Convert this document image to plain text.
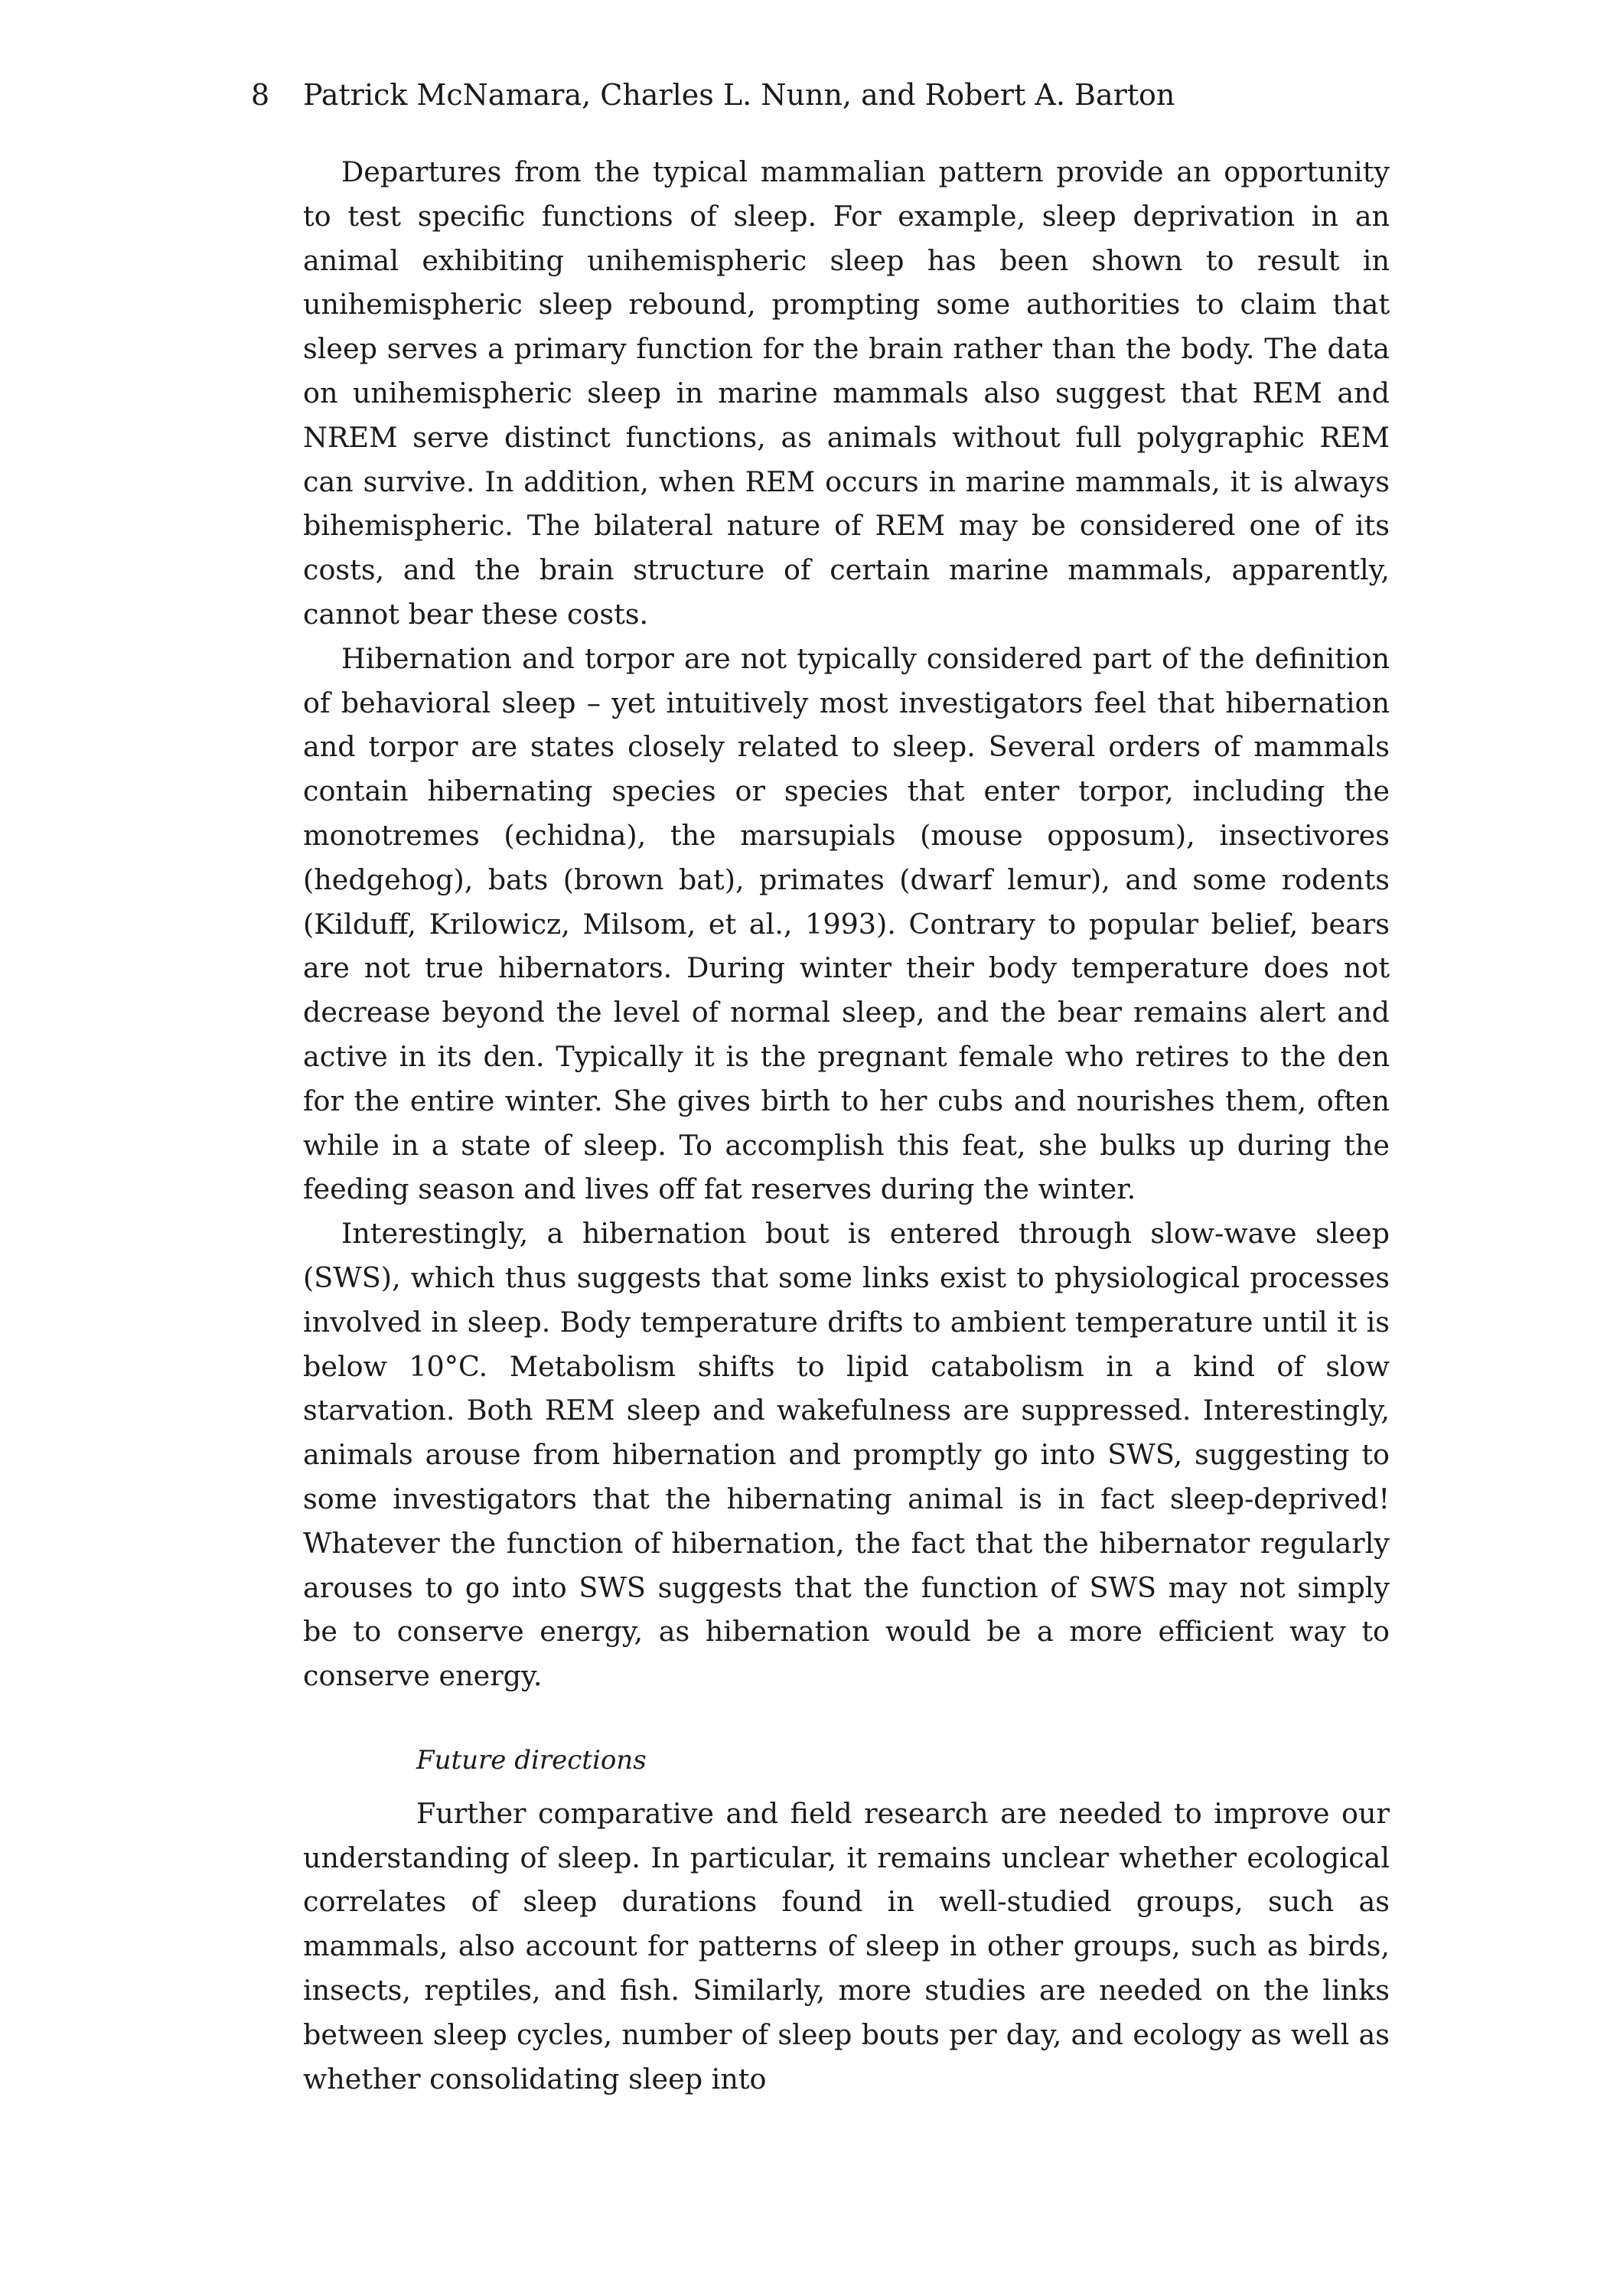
8 Patrick McNamara, Charles L. Nunn, and Robert A. Barton

Departures from the typical mammalian pattern provide an opportunity to test specific functions of sleep. For example, sleep deprivation in an animal exhibiting unihemispheric sleep has been shown to result in unihemispheric sleep rebound, prompting some authorities to claim that sleep serves a primary function for the brain rather than the body. The data on unihemispheric sleep in marine mammals also suggest that REM and NREM serve distinct functions, as animals without full polygraphic REM can survive. In addition, when REM occurs in marine mammals, it is always bihemispheric. The bilateral nature of REM may be considered one of its costs, and the brain structure of certain marine mammals, apparently, cannot bear these costs.

Hibernation and torpor are not typically considered part of the definition of behavioral sleep – yet intuitively most investigators feel that hibernation and torpor are states closely related to sleep. Several orders of mammals contain hibernating species or species that enter torpor, including the monotremes (echidna), the marsupials (mouse opposum), insectivores (hedgehog), bats (brown bat), primates (dwarf lemur), and some rodents (Kilduff, Krilowicz, Milsom, et al., 1993). Contrary to popular belief, bears are not true hibernators. During winter their body temperature does not decrease beyond the level of normal sleep, and the bear remains alert and active in its den. Typically it is the pregnant female who retires to the den for the entire winter. She gives birth to her cubs and nourishes them, often while in a state of sleep. To accomplish this feat, she bulks up during the feeding season and lives off fat reserves during the winter.

Interestingly, a hibernation bout is entered through slow-wave sleep (SWS), which thus suggests that some links exist to physiological processes involved in sleep. Body temperature drifts to ambient temperature until it is below 10°C. Metabolism shifts to lipid catabolism in a kind of slow starvation. Both REM sleep and wakefulness are suppressed. Interestingly, animals arouse from hibernation and promptly go into SWS, suggesting to some investigators that the hibernating animal is in fact sleep-deprived! Whatever the function of hibernation, the fact that the hibernator regularly arouses to go into SWS suggests that the function of SWS may not simply be to conserve energy, as hibernation would be a more efficient way to conserve energy.

Future directions

Further comparative and field research are needed to improve our understanding of sleep. In particular, it remains unclear whether ecological correlates of sleep durations found in well-studied groups, such as mammals, also account for patterns of sleep in other groups, such as birds, insects, reptiles, and fish. Similarly, more studies are needed on the links between sleep cycles, number of sleep bouts per day, and ecology as well as whether consolidating sleep into
